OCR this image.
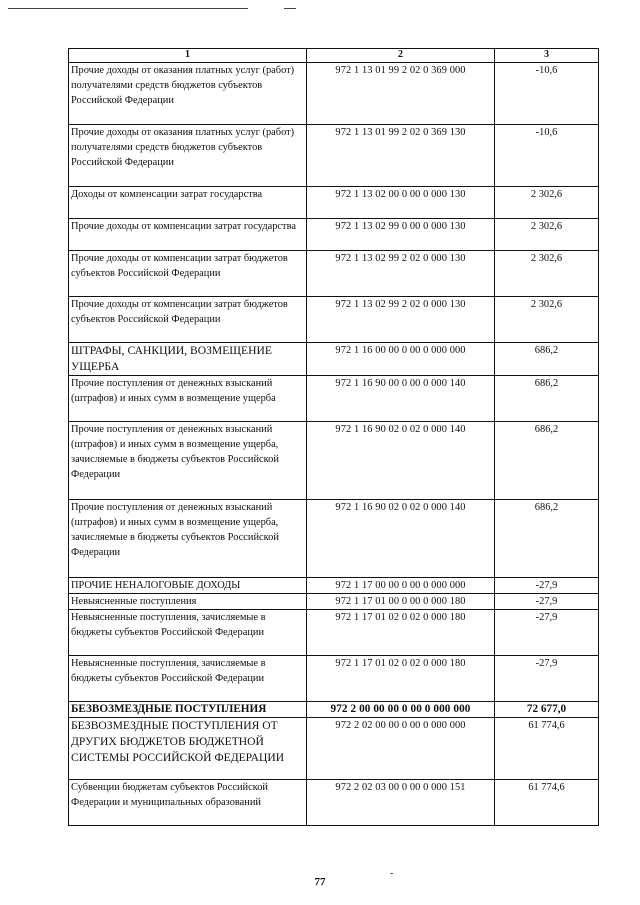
1	2	3
Прочие доходы от оказания платных услуг (работ) получателями средств бюджетов субъектов Российской Федерации	972 1 13 01 99 2 02 0 369 000	-10,6
Прочие доходы от оказания платных услуг (работ) получателями средств бюджетов субъектов Российской Федерации	972 1 13 01 99 2 02 0 369 130	-10,6
Доходы от компенсации затрат государства	972 1 13 02 00 0 00 0 000 130	2 302,6
Прочие доходы от компенсации затрат государства	972 1 13 02 99 0 00 0 000 130	2 302,6
Прочие доходы от компенсации затрат бюджетов субъектов Российской Федерации	972 1 13 02 99 2 02 0 000 130	2 302,6
Прочие доходы от компенсации затрат бюджетов субъектов Российской Федерации	972 1 13 02 99 2 02 0 000 130	2 302,6
ШТРАФЫ, САНКЦИИ, ВОЗМЕЩЕНИЕ УЩЕРБА	972 1 16 00 00 0 00 0 000 000	686,2
Прочие поступления от денежных взысканий (штрафов) и иных сумм в возмещение ущерба	972 1 16 90 00 0 00 0 000 140	686,2
Прочие поступления от денежных взысканий (штрафов) и иных сумм в возмещение ущерба, зачисляемые в бюджеты субъектов Российской Федерации	972 1 16 90 02 0 02 0 000 140	686,2
Прочие поступления от денежных взысканий (штрафов) и иных сумм в возмещение ущерба, зачисляемые в бюджеты субъектов Российской Федерации	972 1 16 90 02 0 02 0 000 140	686,2
ПРОЧИЕ НЕНАЛОГОВЫЕ ДОХОДЫ	972 1 17 00 00 0 00 0 000 000	-27,9
Невыясненные поступления	972 1 17 01 00 0 00 0 000 180	-27,9
Невыясненные поступления, зачисляемые в бюджеты субъектов Российской Федерации	972 1 17 01 02 0 02 0 000 180	-27,9
Невыясненные поступления, зачисляемые в бюджеты субъектов Российской Федерации	972 1 17 01 02 0 02 0 000 180	-27,9
БЕЗВОЗМЕЗДНЫЕ ПОСТУПЛЕНИЯ	972 2 00 00 00 0 00 0 000 000	72 677,0
БЕЗВОЗМЕЗДНЫЕ ПОСТУПЛЕНИЯ ОТ ДРУГИХ БЮДЖЕТОВ БЮДЖЕТНОЙ СИСТЕМЫ РОССИЙСКОЙ ФЕДЕРАЦИИ	972 2 02 00 00 0 00 0 000 000	61 774,6
Субвенции бюджетам субъектов Российской Федерации и муниципальных образований	972 2 02 03 00 0 00 0 000 151	61 774,6
-
77
